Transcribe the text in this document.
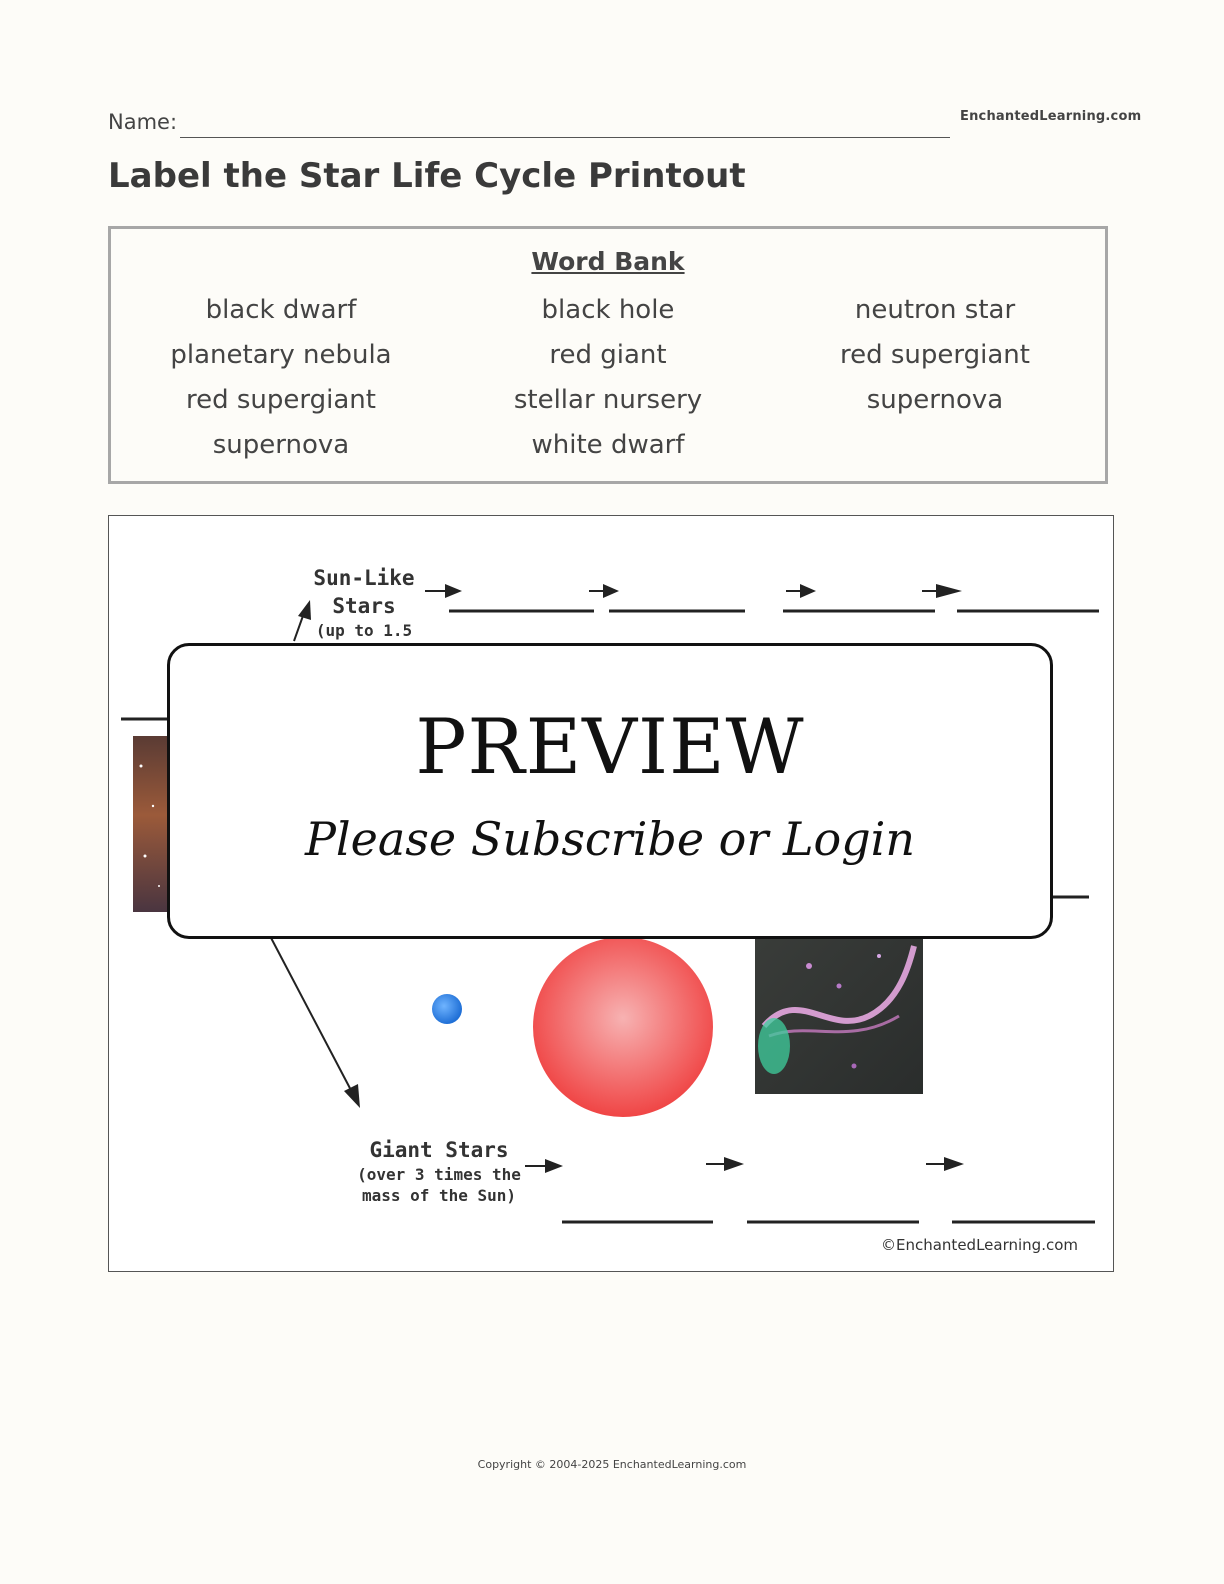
Name:	EnchantedLearning.com
Label the Star Life Cycle Printout
Word Bank
black dwarf
planetary nebula
red supergiant
supernova
black hole
red giant
stellar nursery
white dwarf
neutron star
red supergiant
supernova
Sun-Like
Stars
(up to 1.5
Giant Stars
(over 3 times the
mass of the Sun)
©EnchantedLearning.com
PREVIEW
Please Subscribe or Login
Copyright © 2004-2025 EnchantedLearning.com
